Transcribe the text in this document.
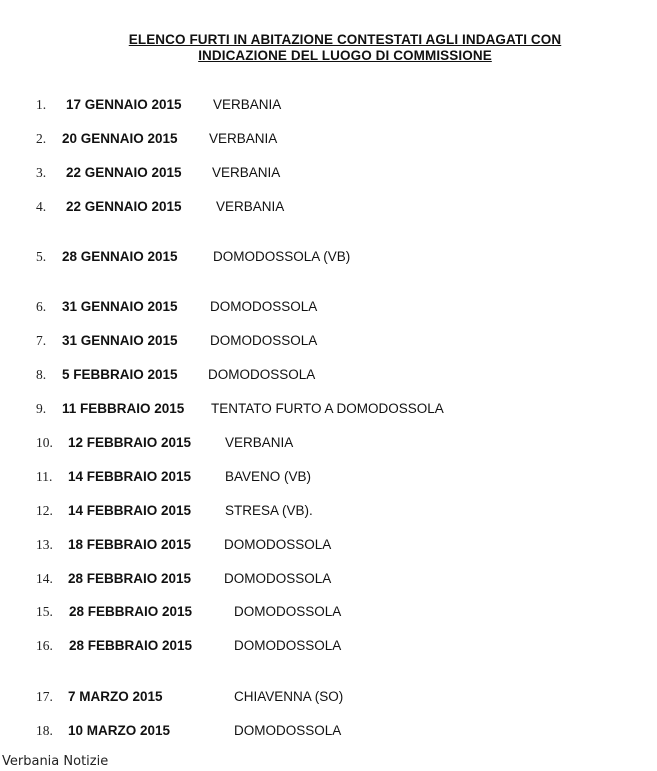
ELENCO FURTI IN ABITAZIONE CONTESTATI AGLI INDAGATI CON
INDICAZIONE DEL LUOGO DI COMMISSIONE
1. 17 GENNAIO 2015 VERBANIA
2. 20 GENNAIO 2015 VERBANIA
3. 22 GENNAIO 2015 VERBANIA
4. 22 GENNAIO 2015	VERBANIA
5. 28 GENNAIO 2015	DOMODOSSOLA (VB)
6. 31 GENNAIO 2015 DOMODOSSOLA
7. 31 GENNAIO 2015 DOMODOSSOLA
8. 5 FEBBRAIO 2015 DOMODOSSOLA
9. 11 FEBBRAIO 2015 TENTATO FURTO A DOMODOSSOLA
10. 12 FEBBRAIO 2015	VERBANIA
11. 14 FEBBRAIO 2015	BAVENO (VB)
12. 14 FEBBRAIO 2015	STRESA (VB).
13. 18 FEBBRAIO 2015 DOMODOSSOLA
14. 28 FEBBRAIO 2015 DOMODOSSOLA
15. 28 FEBBRAIO 2015	DOMODOSSOLA
16. 28 FEBBRAIO 2015	DOMODOSSOLA
17. 7 MARZO 2015	CHIAVENNA (SO)
18. 10 MARZO 2015	DOMODOSSOLA
Verbania Notizie
